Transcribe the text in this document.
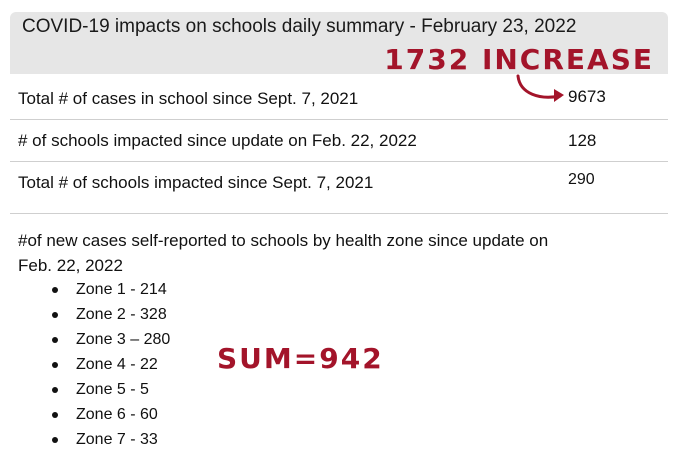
COVID-19 impacts on schools daily summary - February 23, 2022
1732 INCREASE
Total # of cases in school since Sept. 7, 2021	9673
# of schools impacted since update on Feb. 22, 2022	128
Total # of schools impacted since Sept. 7, 2021	290
#of new cases self-reported to schools by health zone since update on Feb. 22, 2022
Zone 1 - 214
Zone 2 - 328
Zone 3 – 280
Zone 4 - 22
Zone 5 - 5
Zone 6 - 60
Zone 7 - 33
SUM=942
